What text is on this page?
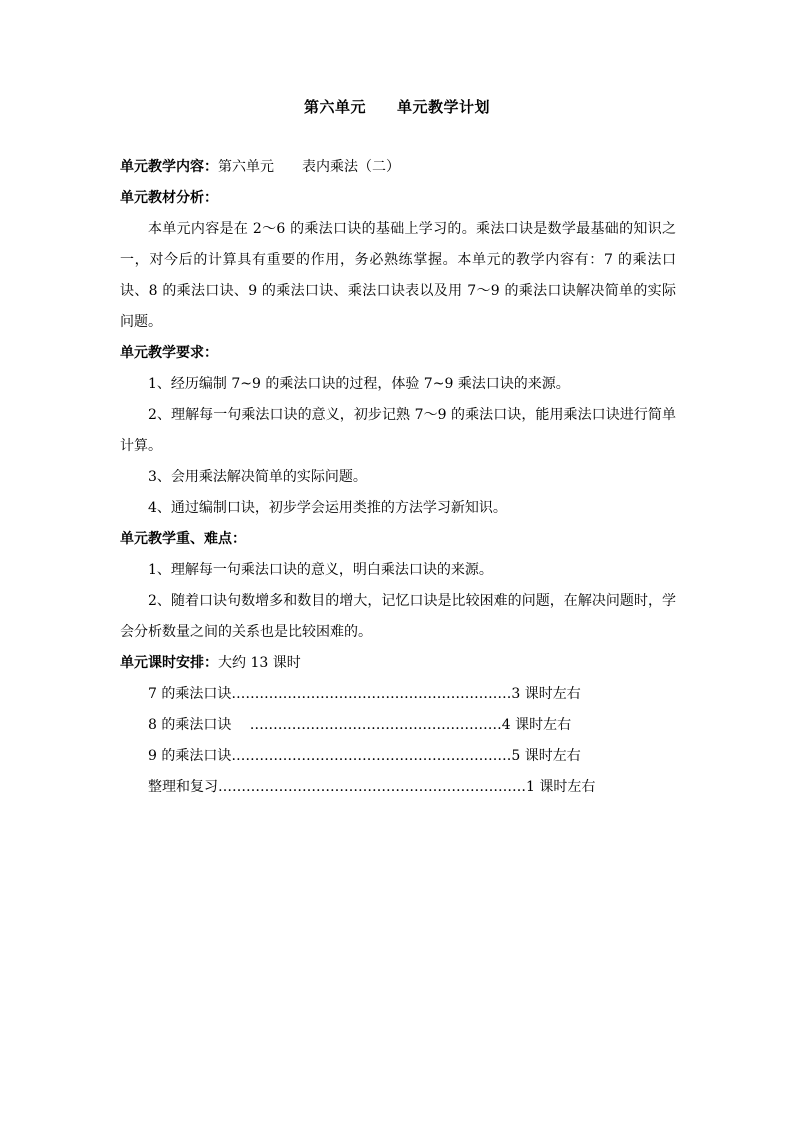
第六单元　　单元教学计划
单元教学内容：第六单元　　表内乘法（二）
单元教材分析：
本单元内容是在 2～6 的乘法口诀的基础上学习的。乘法口诀是数学最基础的知识之一，对今后的计算具有重要的作用，务必熟练掌握。本单元的教学内容有：7 的乘法口诀、8 的乘法口诀、9 的乘法口诀、乘法口诀表以及用 7～9 的乘法口诀解决简单的实际问题。
单元教学要求：
1、经历编制 7~9 的乘法口诀的过程，体验 7~9 乘法口诀的来源。
2、理解每一句乘法口诀的意义，初步记熟 7～9 的乘法口诀，能用乘法口诀进行简单计算。
3、会用乘法解决简单的实际问题。
4、通过编制口诀，初步学会运用类推的方法学习新知识。
单元教学重、难点：
1、理解每一句乘法口诀的意义，明白乘法口诀的来源。
2、随着口诀句数增多和数目的增大，记忆口诀是比较困难的问题，在解决问题时，学会分析数量之间的关系也是比较困难的。
单元课时安排：大约 13 课时
7 的乘法口诀……………………………………………………3 课时左右
8 的乘法口诀　 ………………………………………………4 课时左右
9 的乘法口诀……………………………………………………5 课时左右
整理和复习…………………………………………………………1 课时左右
